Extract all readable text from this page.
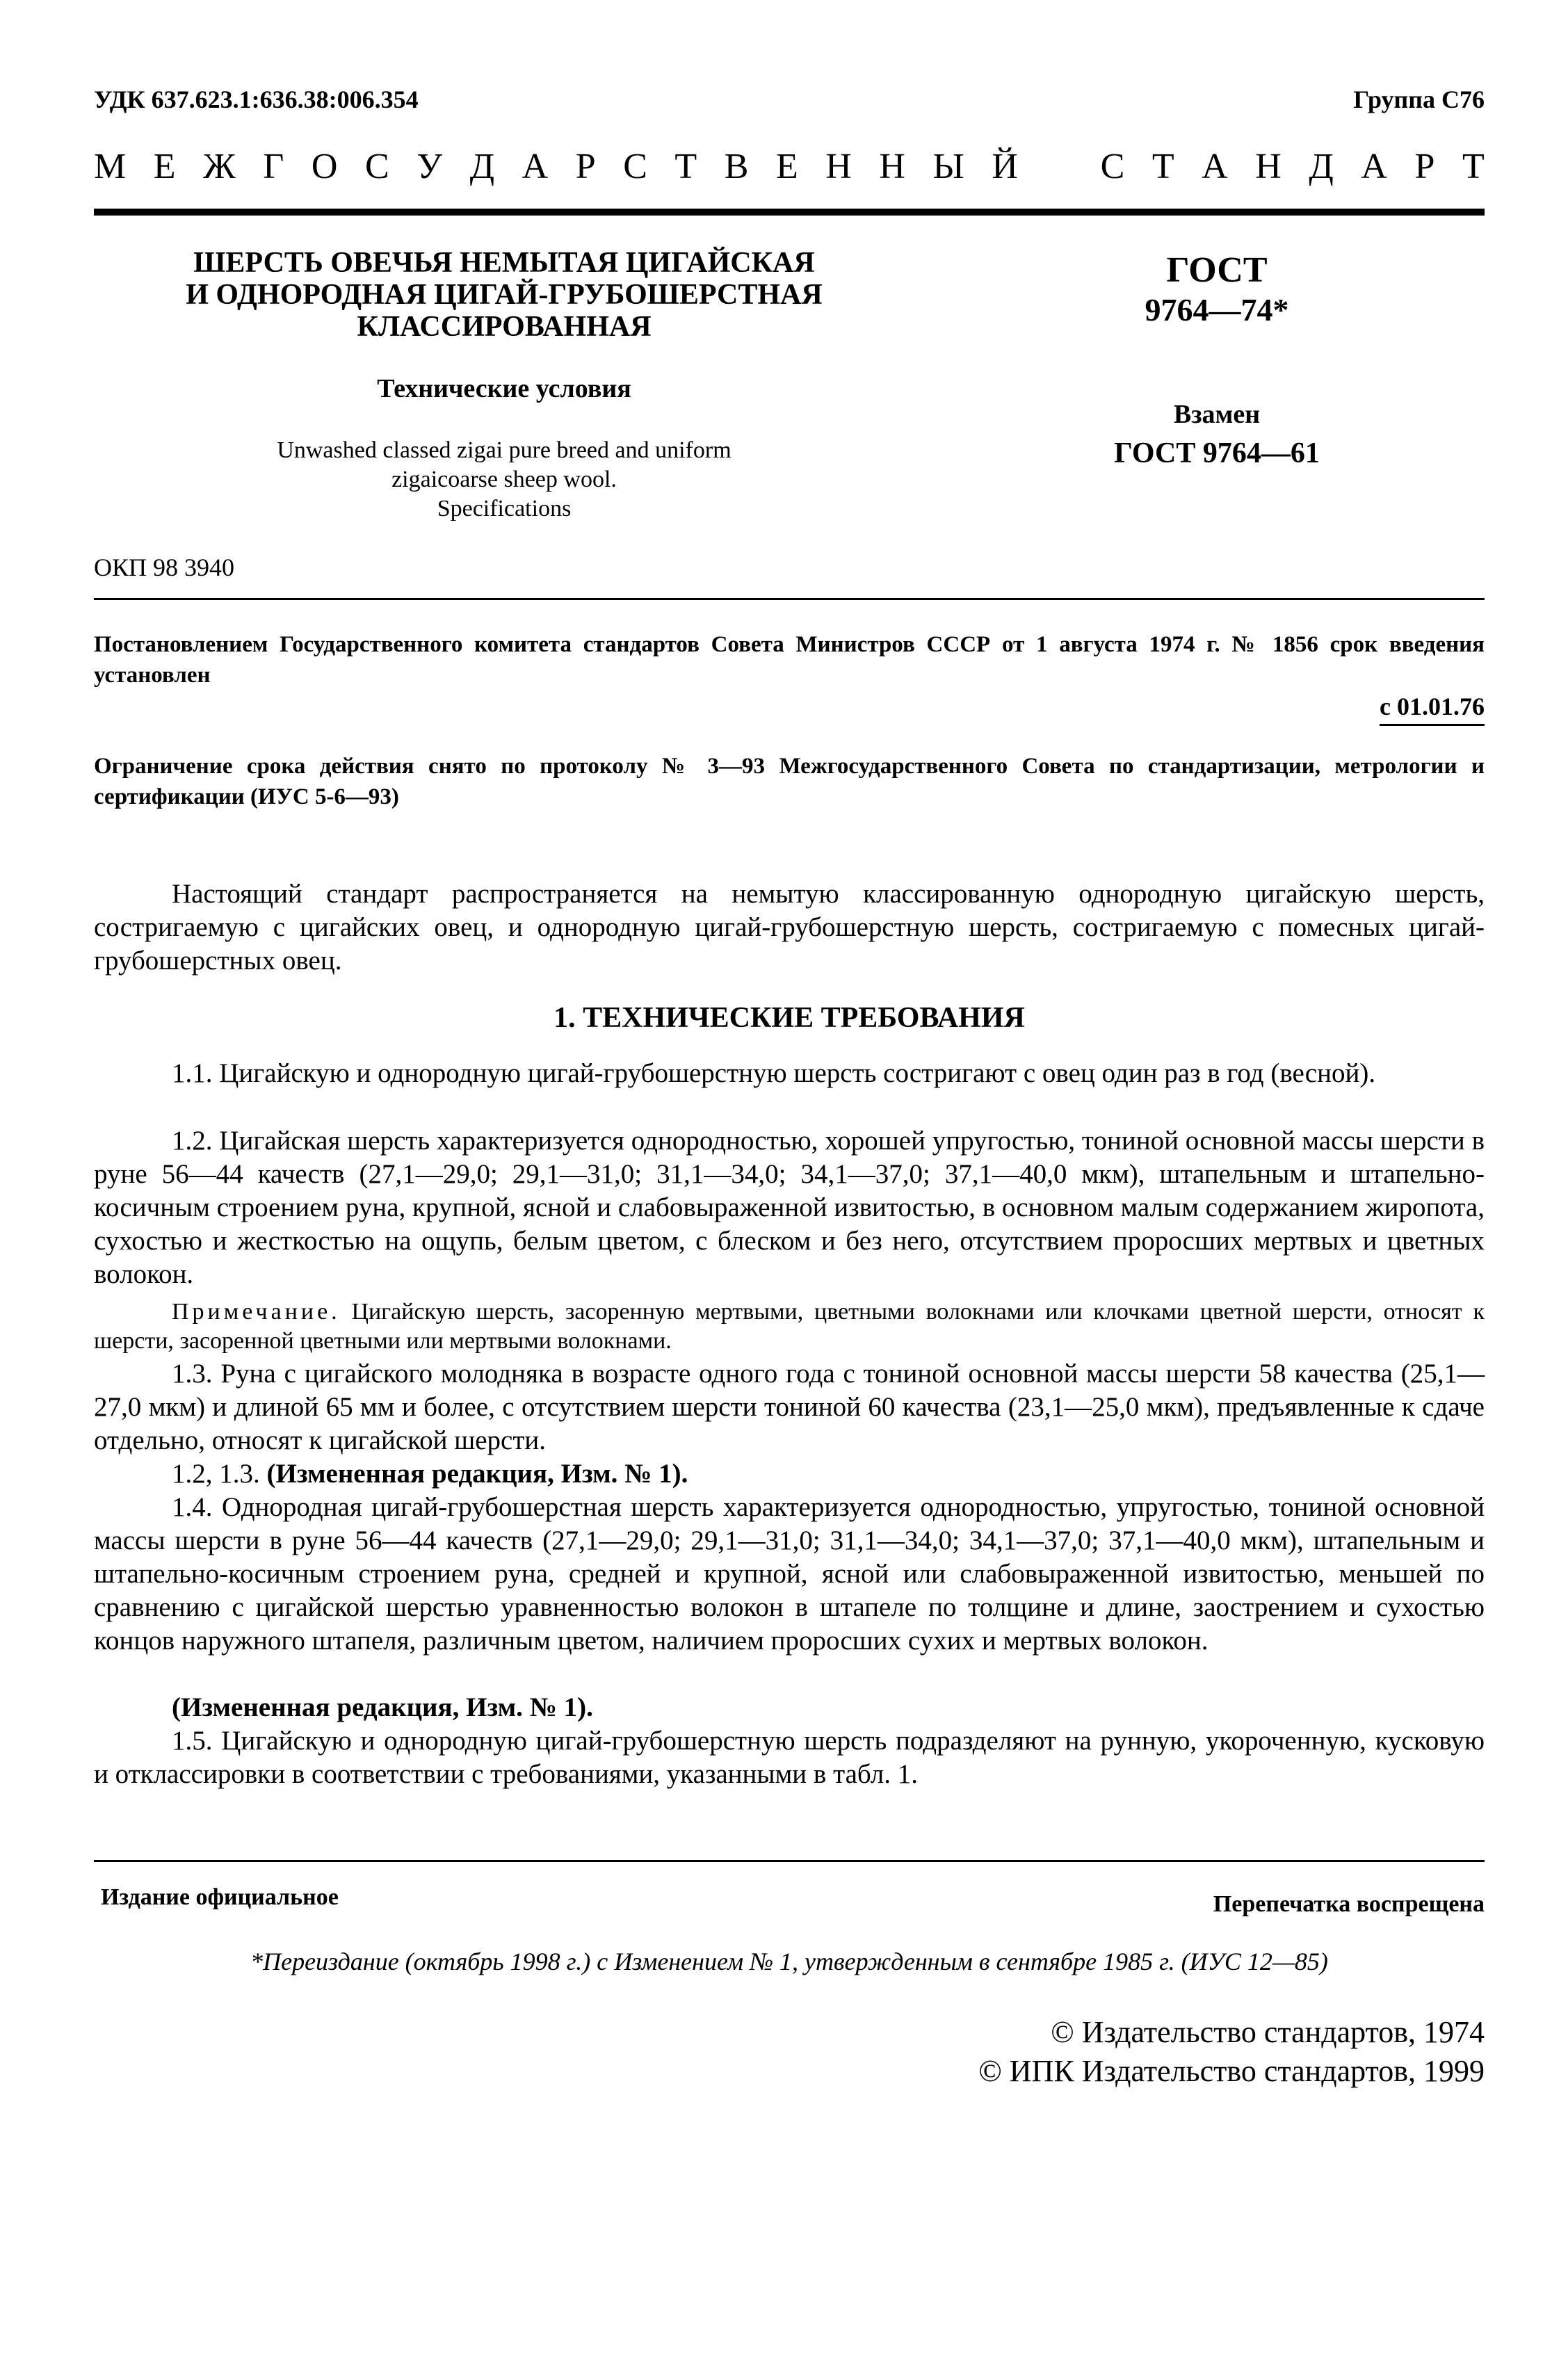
УДК 637.623.1:636.38:006.354	Группа С76
М Е Ж Г О С У Д А Р С Т В Е Н Н Ы Й С Т А Н Д А Р Т
ШЕРСТЬ ОВЕЧЬЯ НЕМЫТАЯ ЦИГАЙСКАЯ
И ОДНОРОДНАЯ ЦИГАЙ-ГРУБОШЕРСТНАЯ
КЛАССИРОВАННАЯ
Технические условия
Unwashed classed zigai pure breed and uniform
zigaicoarse sheep wool.
Specifications
ГОСТ
9764—74*
Взамен
ГОСТ 9764—61
ОКП 98 3940
Постановлением Государственного комитета стандартов Совета Министров СССР от 1 августа 1974 г. № 1856 срок введения установлен
с 01.01.76
Ограничение срока действия снято по протоколу № 3—93 Межгосударственного Совета по стандартизации, метрологии и сертификации (ИУС 5-6—93)

Настоящий стандарт распространяется на немытую классированную однородную цигайскую шерсть, состригаемую с цигайских овец, и однородную цигай-грубошерстную шерсть, состригаемую с помесных цигай-грубошерстных овец.

1. ТЕХНИЧЕСКИЕ ТРЕБОВАНИЯ

1.1. Цигайскую и однородную цигай-грубошерстную шерсть состригают с овец один раз в год (весной).

1.2. Цигайская шерсть характеризуется однородностью, хорошей упругостью, тониной основной массы шерсти в руне 56—44 качеств (27,1—29,0; 29,1—31,0; 31,1—34,0; 34,1—37,0; 37,1—40,0 мкм), штапельным и штапельно-косичным строением руна, крупной, ясной и слабовыраженной извитостью, в основном малым содержанием жиропота, сухостью и жесткостью на ощупь, белым цветом, с блеском и без него, отсутствием проросших мертвых и цветных волокон.

Примечание. Цигайскую шерсть, засоренную мертвыми, цветными волокнами или клочками цветной шерсти, относят к шерсти, засоренной цветными или мертвыми волокнами.

1.3. Руна с цигайского молодняка в возрасте одного года с тониной основной массы шерсти 58 качества (25,1—27,0 мкм) и длиной 65 мм и более, с отсутствием шерсти тониной 60 качества (23,1—25,0 мкм), предъявленные к сдаче отдельно, относят к цигайской шерсти.

1.2, 1.3. (Измененная редакция, Изм. № 1).

1.4. Однородная цигай-грубошерстная шерсть характеризуется однородностью, упругостью, тониной основной массы шерсти в руне 56—44 качеств (27,1—29,0; 29,1—31,0; 31,1—34,0; 34,1—37,0; 37,1—40,0 мкм), штапельным и штапельно-косичным строением руна, средней и крупной, ясной или слабовыраженной извитостью, меньшей по сравнению с цигайской шерстью уравненностью волокон в штапеле по толщине и длине, заострением и сухостью концов наружного штапеля, различным цветом, наличием проросших сухих и мертвых волокон.

(Измененная редакция, Изм. № 1).

1.5. Цигайскую и однородную цигай-грубошерстную шерсть подразделяют на рунную, укороченную, кусковую и отклассировки в соответствии с требованиями, указанными в табл. 1.

Издание официальное	Перепечатка воспрещена
*Переиздание (октябрь 1998 г.) с Изменением № 1, утвержденным в сентябре 1985 г. (ИУС 12—85)
© Издательство стандартов, 1974
© ИПК Издательство стандартов, 1999
